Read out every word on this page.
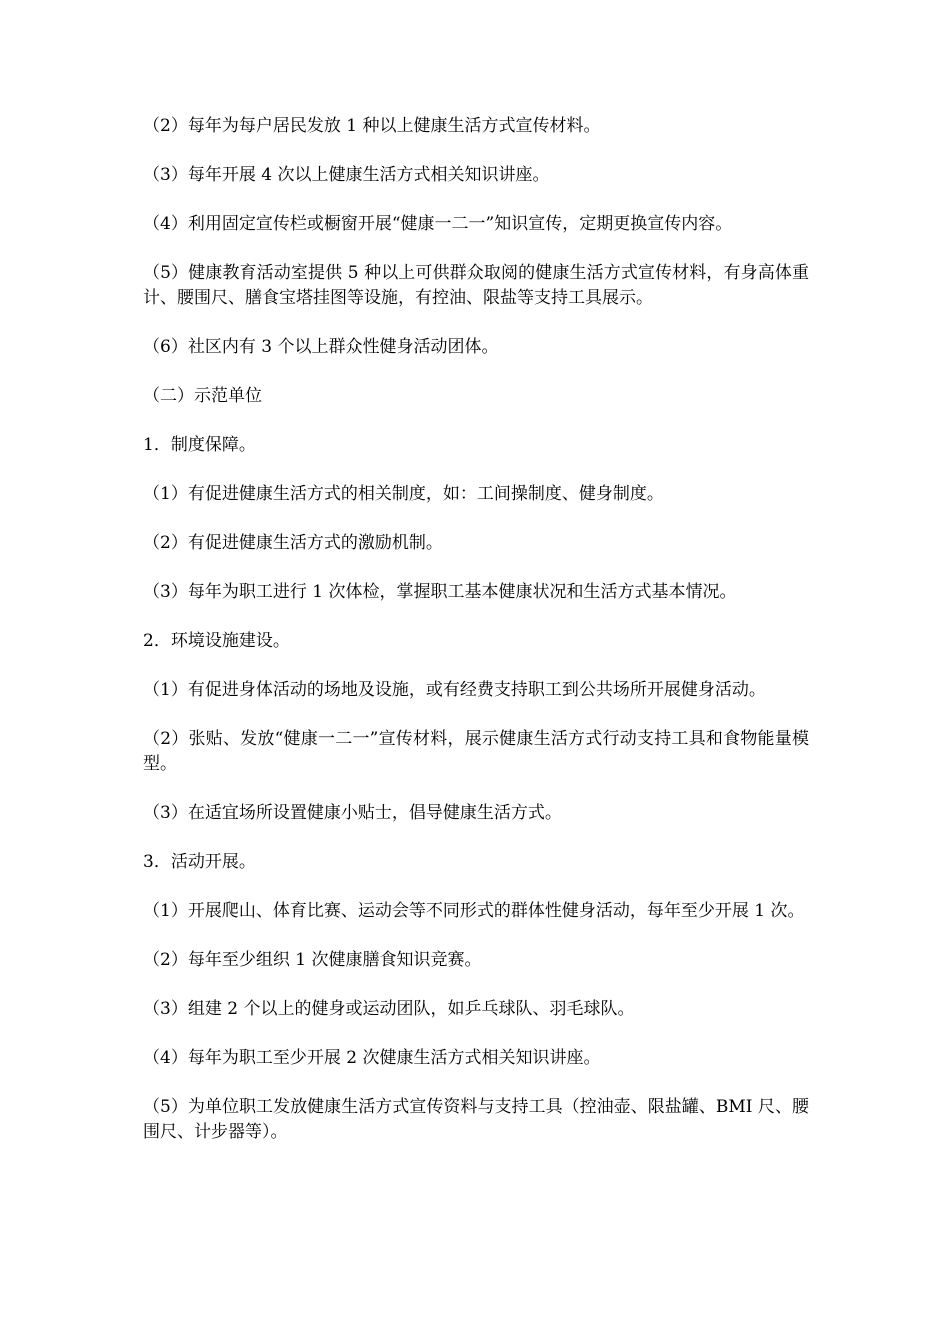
（2）每年为每户居民发放 1 种以上健康生活方式宣传材料。

（3）每年开展 4 次以上健康生活方式相关知识讲座。

（4）利用固定宣传栏或橱窗开展“健康一二一”知识宣传，定期更换宣传内容。

（5）健康教育活动室提供 5 种以上可供群众取阅的健康生活方式宣传材料，有身高体重计、腰围尺、膳食宝塔挂图等设施，有控油、限盐等支持工具展示。

（6）社区内有 3 个以上群众性健身活动团体。

（二）示范单位

1．制度保障。

（1）有促进健康生活方式的相关制度，如：工间操制度、健身制度。

（2）有促进健康生活方式的激励机制。

（3）每年为职工进行 1 次体检，掌握职工基本健康状况和生活方式基本情况。

2．环境设施建设。

（1）有促进身体活动的场地及设施，或有经费支持职工到公共场所开展健身活动。

（2）张贴、发放“健康一二一”宣传材料，展示健康生活方式行动支持工具和食物能量模型。

（3）在适宜场所设置健康小贴士，倡导健康生活方式。

3．活动开展。

（1）开展爬山、体育比赛、运动会等不同形式的群体性健身活动，每年至少开展 1 次。

（2）每年至少组织 1 次健康膳食知识竞赛。

（3）组建 2 个以上的健身或运动团队，如乒乓球队、羽毛球队。

（4）每年为职工至少开展 2 次健康生活方式相关知识讲座。

（5）为单位职工发放健康生活方式宣传资料与支持工具（控油壶、限盐罐、BMI 尺、腰围尺、计步器等）。
